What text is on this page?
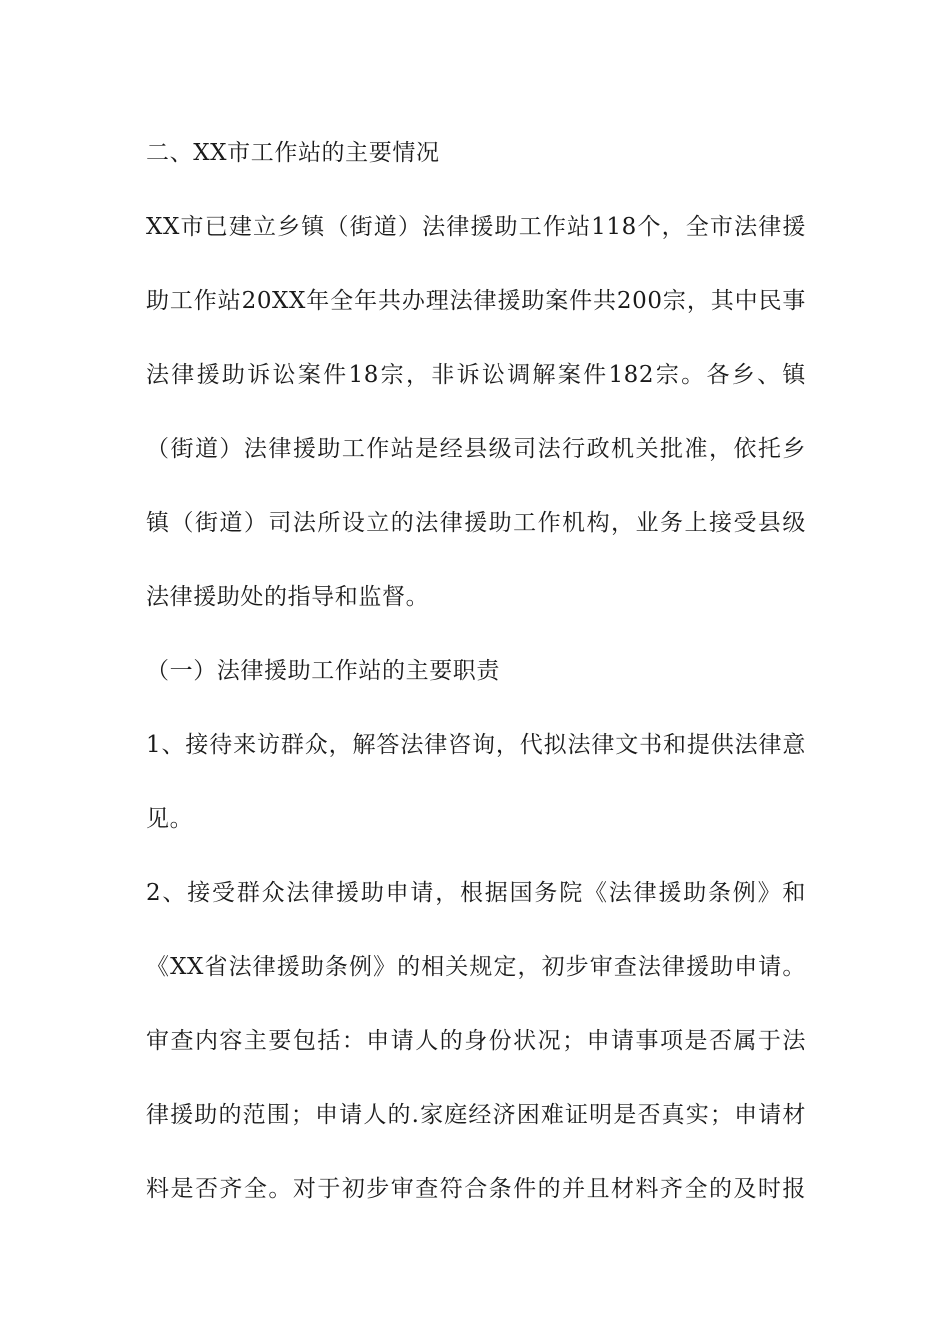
二、XX市工作站的主要情况
XX市已建立乡镇（街道）法律援助工作站118个，全市法律援
助工作站20XX年全年共办理法律援助案件共200宗，其中民事
法律援助诉讼案件18宗，非诉讼调解案件182宗。各乡、镇
（街道）法律援助工作站是经县级司法行政机关批准，依托乡
镇（街道）司法所设立的法律援助工作机构，业务上接受县级
法律援助处的指导和监督。
（一）法律援助工作站的主要职责
1、接待来访群众，解答法律咨询，代拟法律文书和提供法律意
见。
2、接受群众法律援助申请，根据国务院《法律援助条例》和
《XX省法律援助条例》的相关规定，初步审查法律援助申请。
审查内容主要包括：申请人的身份状况；申请事项是否属于法
律援助的范围；申请人的.家庭经济困难证明是否真实；申请材
料是否齐全。对于初步审查符合条件的并且材料齐全的及时报
